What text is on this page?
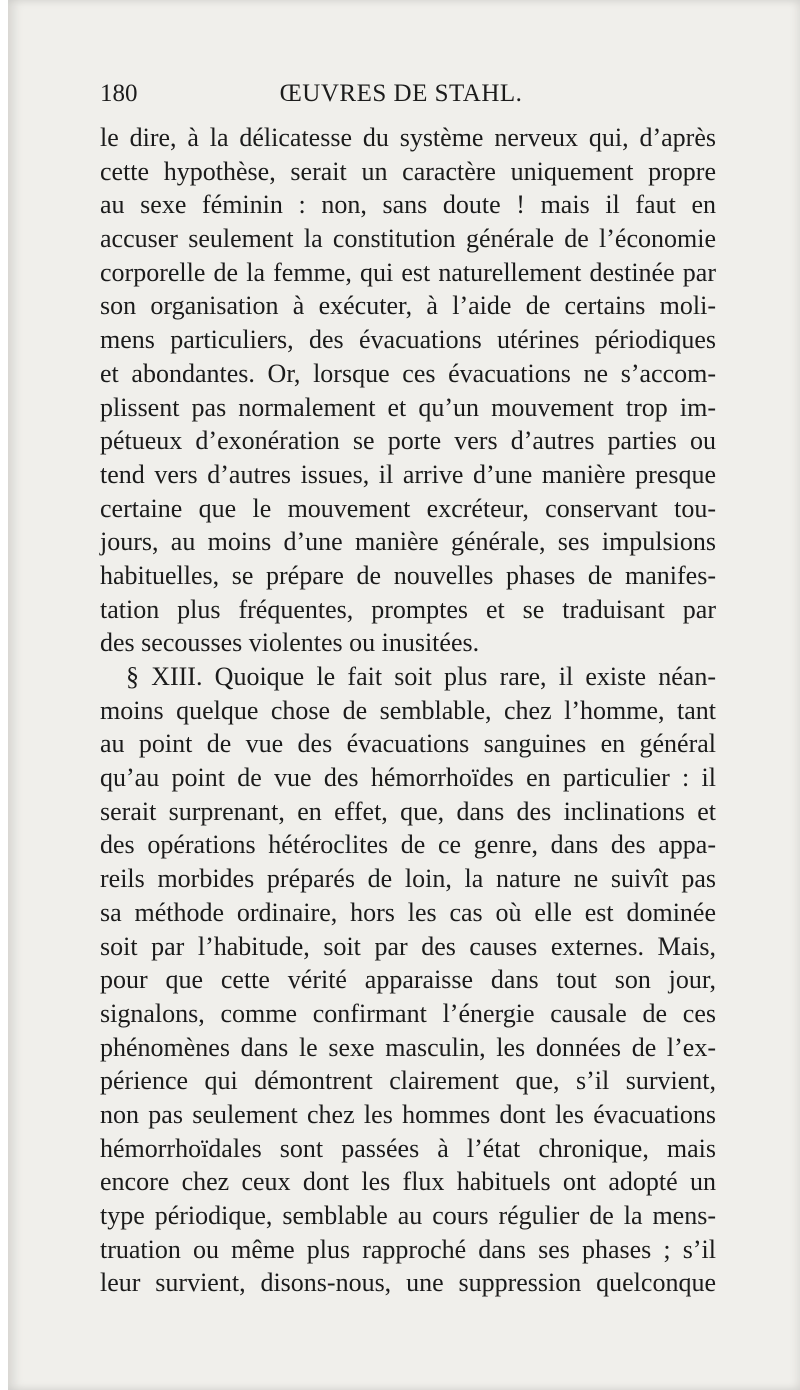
180	ŒUVRES DE STAHL.
le dire, à la délicatesse du système nerveux qui, d’après
cette hypothèse, serait un caractère uniquement propre
au sexe féminin : non, sans doute ! mais il faut en
accuser seulement la constitution générale de l’économie
corporelle de la femme, qui est naturellement destinée par
son organisation à exécuter, à l’aide de certains moli-
mens particuliers, des évacuations utérines périodiques
et abondantes. Or, lorsque ces évacuations ne s’accom-
plissent pas normalement et qu’un mouvement trop im-
pétueux d’exonération se porte vers d’autres parties ou
tend vers d’autres issues, il arrive d’une manière presque
certaine que le mouvement excréteur, conservant tou-
jours, au moins d’une manière générale, ses impulsions
habituelles, se prépare de nouvelles phases de manifes-
tation plus fréquentes, promptes et se traduisant par
des secousses violentes ou inusitées.
§ XIII. Quoique le fait soit plus rare, il existe néan-
moins quelque chose de semblable, chez l’homme, tant
au point de vue des évacuations sanguines en général
qu’au point de vue des hémorrhoïdes en particulier : il
serait surprenant, en effet, que, dans des inclinations et
des opérations hétéroclites de ce genre, dans des appa-
reils morbides préparés de loin, la nature ne suivît pas
sa méthode ordinaire, hors les cas où elle est dominée
soit par l’habitude, soit par des causes externes. Mais,
pour que cette vérité apparaisse dans tout son jour,
signalons, comme confirmant l’énergie causale de ces
phénomènes dans le sexe masculin, les données de l’ex-
périence qui démontrent clairement que, s’il survient,
non pas seulement chez les hommes dont les évacuations
hémorrhoïdales sont passées à l’état chronique, mais
encore chez ceux dont les flux habituels ont adopté un
type périodique, semblable au cours régulier de la mens-
truation ou même plus rapproché dans ses phases ; s’il
leur survient, disons-nous, une suppression quelconque
